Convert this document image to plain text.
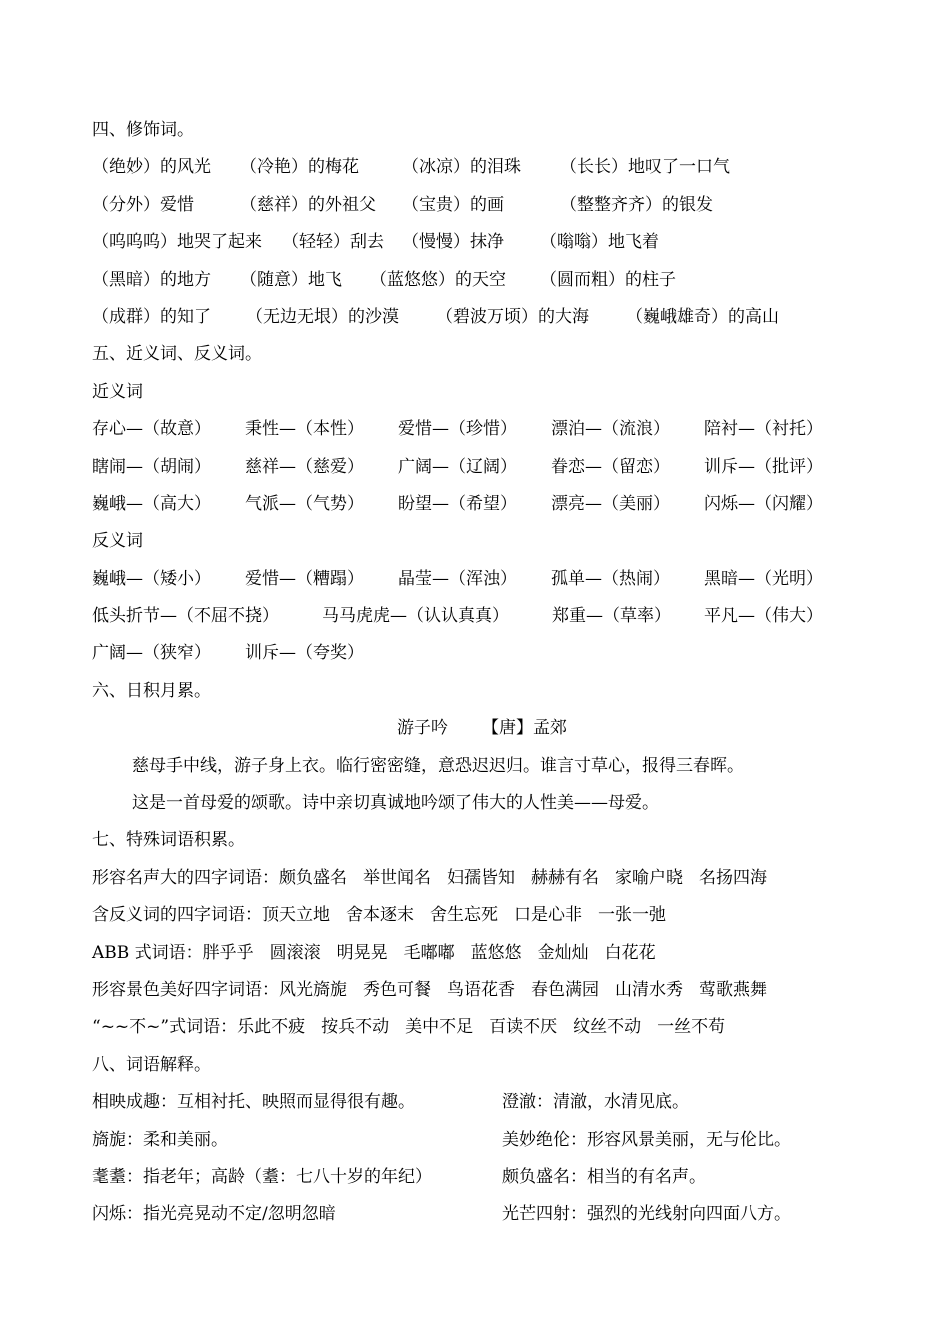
四、修饰词。
（绝妙）的风光 （冷艳）的梅花	（冰凉）的泪珠 （长长）地叹了一口气
（分外）爱惜	（慈祥）的外祖父 （宝贵）的画	（整整齐齐）的银发
（呜呜呜）地哭了起来 （轻轻）刮去 （慢慢）抹净 （嗡嗡）地飞着
（黑暗）的地方 （随意）地飞 （蓝悠悠）的天空 （圆而粗）的柱子
（成群）的知了 （无边无垠）的沙漠 （碧波万顷）的大海 （巍峨雄奇）的高山
五、近义词、反义词。
近义词
存心—（故意） 秉性—（本性） 爱惜—（珍惜） 漂泊—（流浪） 陪衬—（衬托）
瞎闹—（胡闹） 慈祥—（慈爱） 广阔—（辽阔） 眷恋—（留恋） 训斥—（批评）
巍峨—（高大） 气派—（气势） 盼望—（希望） 漂亮—（美丽） 闪烁—（闪耀）
反义词
巍峨—（矮小） 爱惜—（糟蹋） 晶莹—（浑浊） 孤单—（热闹） 黑暗—（光明）
低头折节—（不屈不挠）	马马虎虎—（认认真真）	郑重—（草率） 平凡—（伟大）
广阔—（狭窄） 训斥—（夸奖）
六、日积月累。
游子吟 【唐】孟郊
慈母手中线，游子身上衣。临行密密缝，意恐迟迟归。谁言寸草心，报得三春晖。
这是一首母爱的颂歌。诗中亲切真诚地吟颂了伟大的人性美——母爱。
七、特殊词语积累。
形容名声大的四字词语：颇负盛名 举世闻名 妇孺皆知 赫赫有名 家喻户晓 名扬四海
含反义词的四字词语：顶天立地 舍本逐末 舍生忘死 口是心非 一张一弛
ABB 式词语：胖乎乎 圆滚滚 明晃晃 毛嘟嘟 蓝悠悠 金灿灿 白花花
形容景色美好四字词语：风光旖旎 秀色可餐 鸟语花香 春色满园 山清水秀 莺歌燕舞
“~~不~”式词语：乐此不疲 按兵不动 美中不足 百读不厌 纹丝不动 一丝不苟
八、词语解释。
相映成趣：互相衬托、映照而显得很有趣。	澄澈：清澈，水清见底。
旖旎：柔和美丽。	美妙绝伦：形容风景美丽，无与伦比。
耄耋：指老年；高龄（耋：七八十岁的年纪）	颇负盛名：相当的有名声。
闪烁：指光亮晃动不定/忽明忽暗	光芒四射：强烈的光线射向四面八方。
